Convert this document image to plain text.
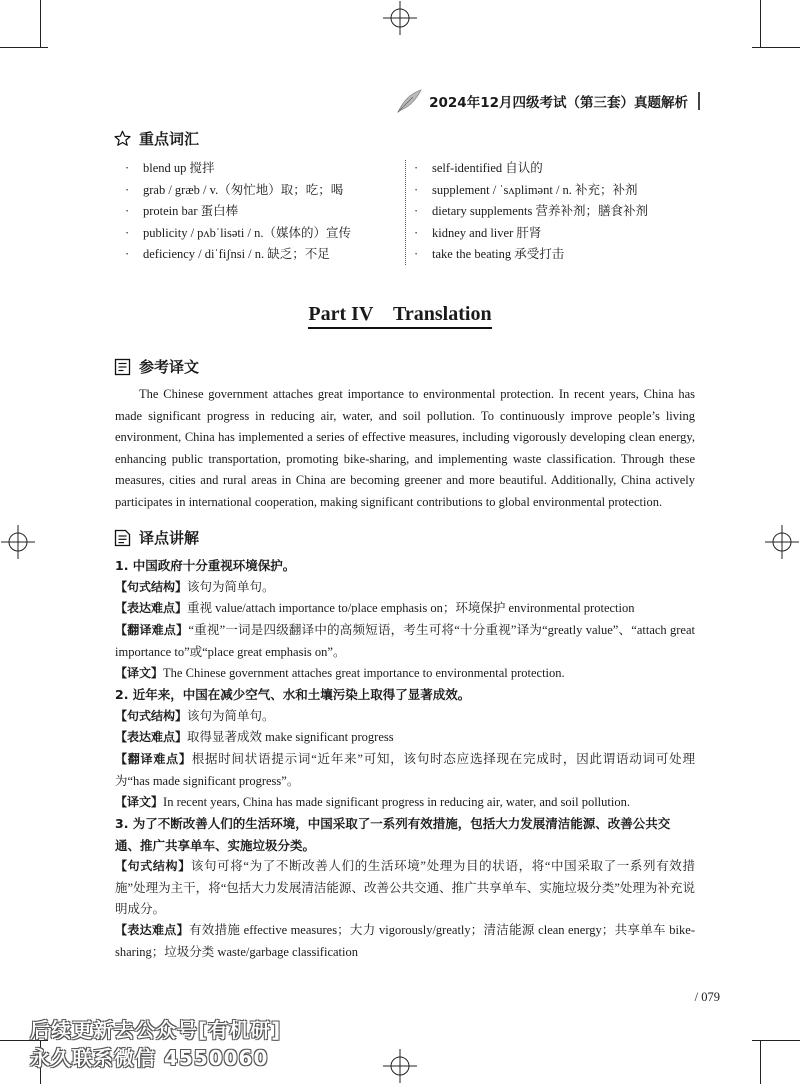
2024年12月四级考试（第三套）真题解析
重点词汇
·	blend up 搅拌
·	grab / græb / v.（匆忙地）取；吃；喝
·	protein bar 蛋白棒
·	publicity / pʌbˈlisəti / n.（媒体的）宣传
·	deficiency / diˈfiʃnsi / n. 缺乏；不足
·	self-identified 自认的
·	supplement / ˈsʌplimənt / n. 补充；补剂
·	dietary supplements 营养补剂；膳食补剂
·	kidney and liver 肝肾
·	take the beating 承受打击
Part IV　Translation
参考译文
The Chinese government attaches great importance to environmental protection. In recent years, China has made significant progress in reducing air, water, and soil pollution. To continuously improve people’s living environment, China has implemented a series of effective measures, including vigorously developing clean energy, enhancing public transportation, promoting bike-sharing, and implementing waste classification. Through these measures, cities and rural areas in China are becoming greener and more beautiful. Additionally, China actively participates in international cooperation, making significant contributions to global environmental protection.
译点讲解
1. 中国政府十分重视环境保护。
【 句式结构 】 该句为简单句。
【 表达难点 】 重视 value/attach importance to/place emphasis on；环境保护 environmental protection
【 翻译难点 】 “重视”一词是四级翻译中的高频短语，考生可将“十分重视”译为“greatly value”、“attach great importance to”或“place great emphasis on”。
【 译文 】 The Chinese government attaches great importance to environmental protection.
2. 近年来，中国在减少空气、水和土壤污染上取得了显著成效。
【 句式结构 】 该句为简单句。
【 表达难点 】 取得显著成效 make significant progress
【 翻译难点 】 根据时间状语提示词“近年来”可知，该句时态应选择现在完成时，因此谓语动词可处理为“has made significant progress”。
【 译文 】 In recent years, China has made significant progress in reducing air, water, and soil pollution.
3. 为了不断改善人们的生活环境，中国采取了一系列有效措施，包括大力发展清洁能源、改善公共交通、推广共享单车、实施垃圾分类。
【 句式结构 】 该句可将“为了不断改善人们的生活环境”处理为目的状语，将“中国采取了一系列有效措施”处理为主干，将“包括大力发展清洁能源、改善公共交通、推广共享单车、实施垃圾分类”处理为补充说明成分。
【 表达难点 】 有效措施 effective measures；大力 vigorously/greatly；清洁能源 clean energy；共享单车 bike-sharing；垃圾分类 waste/garbage classification
/ 079
后续更新去公众号[有机研]
永久联系微信 4550060
